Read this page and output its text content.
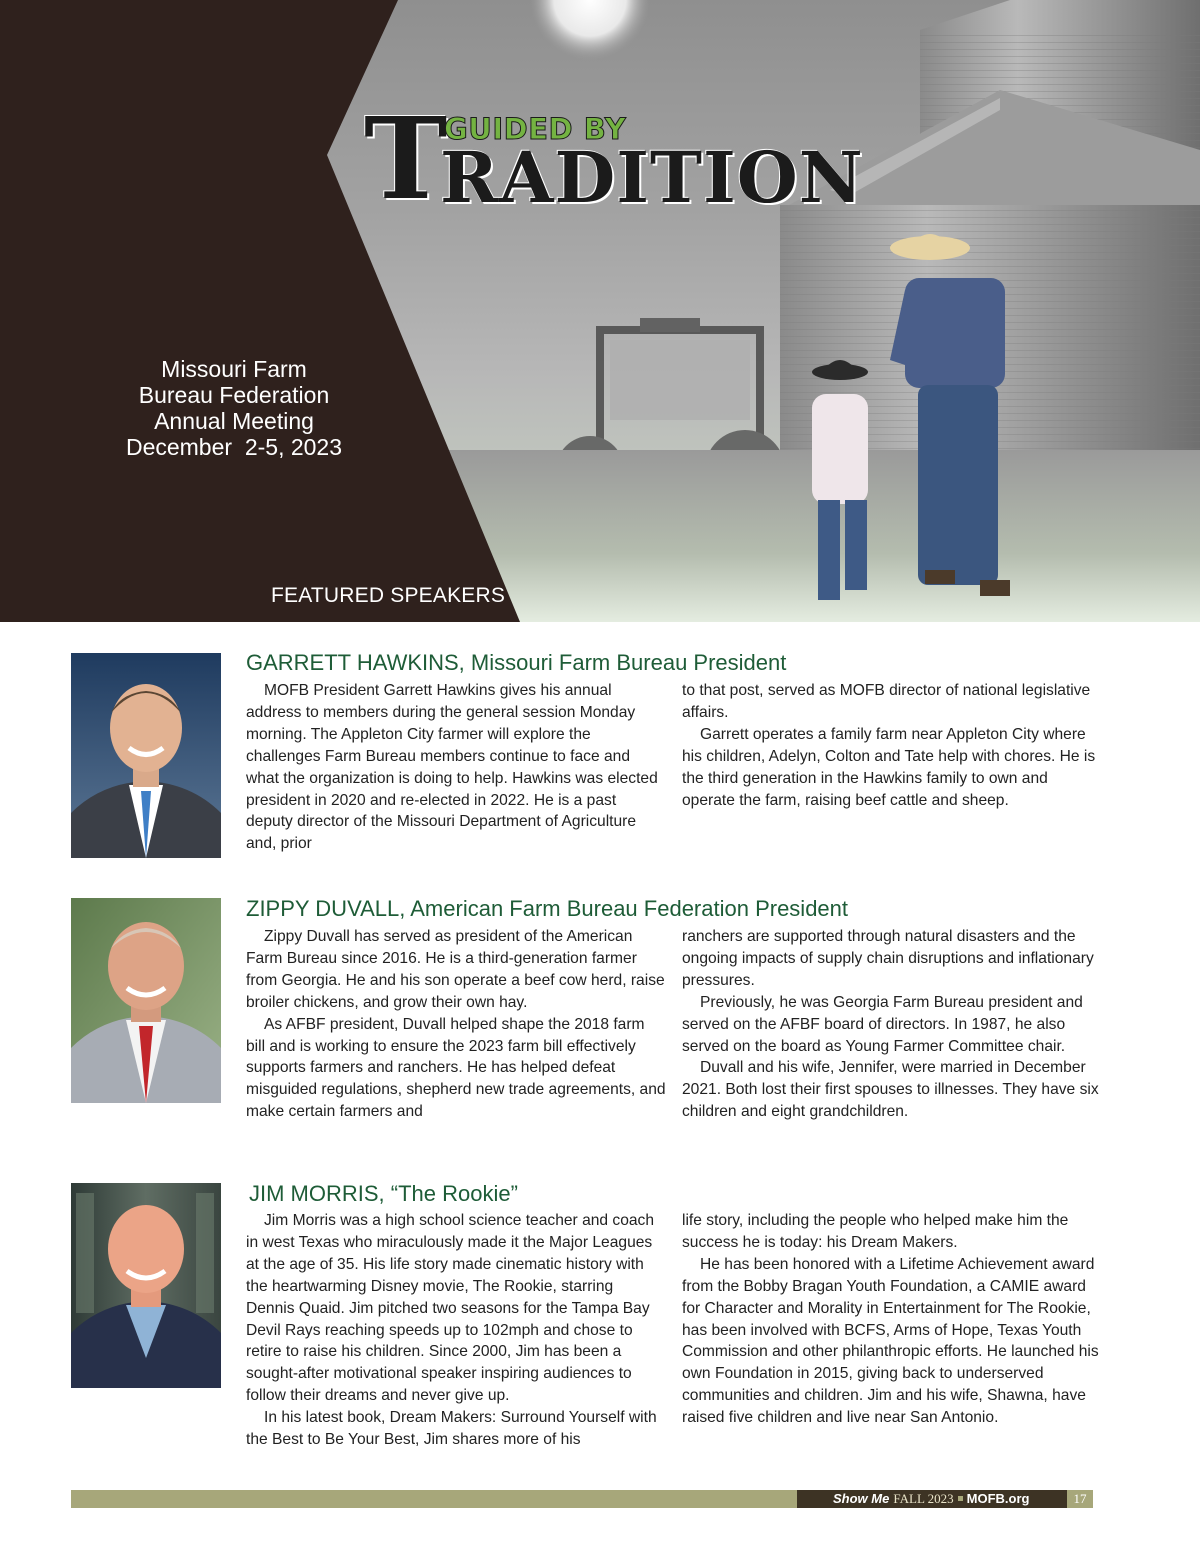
T
GUIDED BY
RADITION
Missouri Farm
Bureau Federation
Annual Meeting
December  2-5, 2023
FEATURED SPEAKERS
GARRETT HAWKINS, Missouri Farm Bureau President

MOFB President Garrett Hawkins gives his annual address to members during the general session Monday morning. The Appleton City farmer will explore the challenges Farm Bureau members continue to face and what the organization is doing to help. Hawkins was elected president in 2020 and re-elected in 2022. He is a past deputy director of the Missouri Department of Agriculture and, prior

to that post, served as MOFB director of national legislative affairs.

Garrett operates a family farm near Appleton City where his children, Adelyn, Colton and Tate help with chores. He is the third generation in the Hawkins family to own and operate the farm, raising beef cattle and sheep.

ZIPPY DUVALL, American Farm Bureau Federation President

Zippy Duvall has served as president of the American Farm Bureau since 2016. He is a third-generation farmer from Georgia. He and his son operate a beef cow herd, raise broiler chickens, and grow their own hay.

As AFBF president, Duvall helped shape the 2018 farm bill and is working to ensure the 2023 farm bill effectively supports farmers and ranchers. He has helped defeat misguided regulations, shepherd new trade agreements, and make certain farmers and

ranchers are supported through natural disasters and the ongoing impacts of supply chain disruptions and inflationary pressures.

Previously, he was Georgia Farm Bureau president and served on the AFBF board of directors. In 1987, he also served on the board as Young Farmer Committee chair.

Duvall and his wife, Jennifer, were married in December 2021. Both lost their first spouses to illnesses. They have six children and eight grandchildren.

JIM MORRIS, “The Rookie”

Jim Morris was a high school science teacher and coach in west Texas who miraculously made it the Major Leagues at the age of 35. His life story made cinematic history with the heartwarming Disney movie, The Rookie, starring Dennis Quaid. Jim pitched two seasons for the Tampa Bay Devil Rays reaching speeds up to 102mph and chose to retire to raise his children. Since 2000, Jim has been a sought-after motivational speaker inspiring audiences to follow their dreams and never give up.

In his latest book, Dream Makers: Surround Yourself with the Best to Be Your Best, Jim shares more of his

life story, including the people who helped make him the success he is today: his Dream Makers.

He has been honored with a Lifetime Achievement award from the Bobby Bragan Youth Foundation, a CAMIE award for Character and Morality in Entertainment for The Rookie, has been involved with BCFS, Arms of Hope, Texas Youth Commission and other philanthropic efforts. He launched his own Foundation in 2015, giving back to underserved communities and children. Jim and his wife, Shawna, have raised five children and live near San Antonio.

Show Me FALL 2023 MOFB.org	17
